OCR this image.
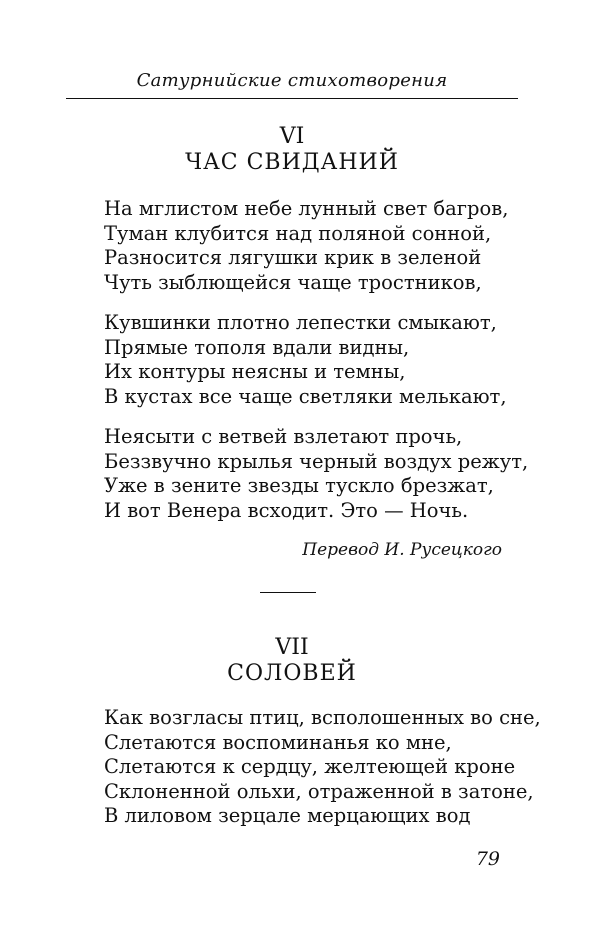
Сатурнийские стихотворения
VI
ЧАС СВИДАНИЙ
На мглистом небе лунный свет багров,
Туман клубится над поляной сонной,
Разносится лягушки крик в зеленой
Чуть зыблющейся чаще тростников,
Кувшинки плотно лепестки смыкают,
Прямые тополя вдали видны,
Их контуры неясны и темны,
В кустах все чаще светляки мелькают,
Неясыти с ветвей взлетают прочь,
Беззвучно крылья черный воздух режут,
Уже в зените звезды тускло брезжат,
И вот Венера всходит. Это — Ночь.
Перевод И. Русецкого
VII
СОЛОВЕЙ
Как возгласы птиц, всполошенных во сне,
Слетаются воспоминанья ко мне,
Слетаются к сердцу, желтеющей кроне
Склоненной ольхи, отраженной в затоне,
В лиловом зерцале мерцающих вод
79
